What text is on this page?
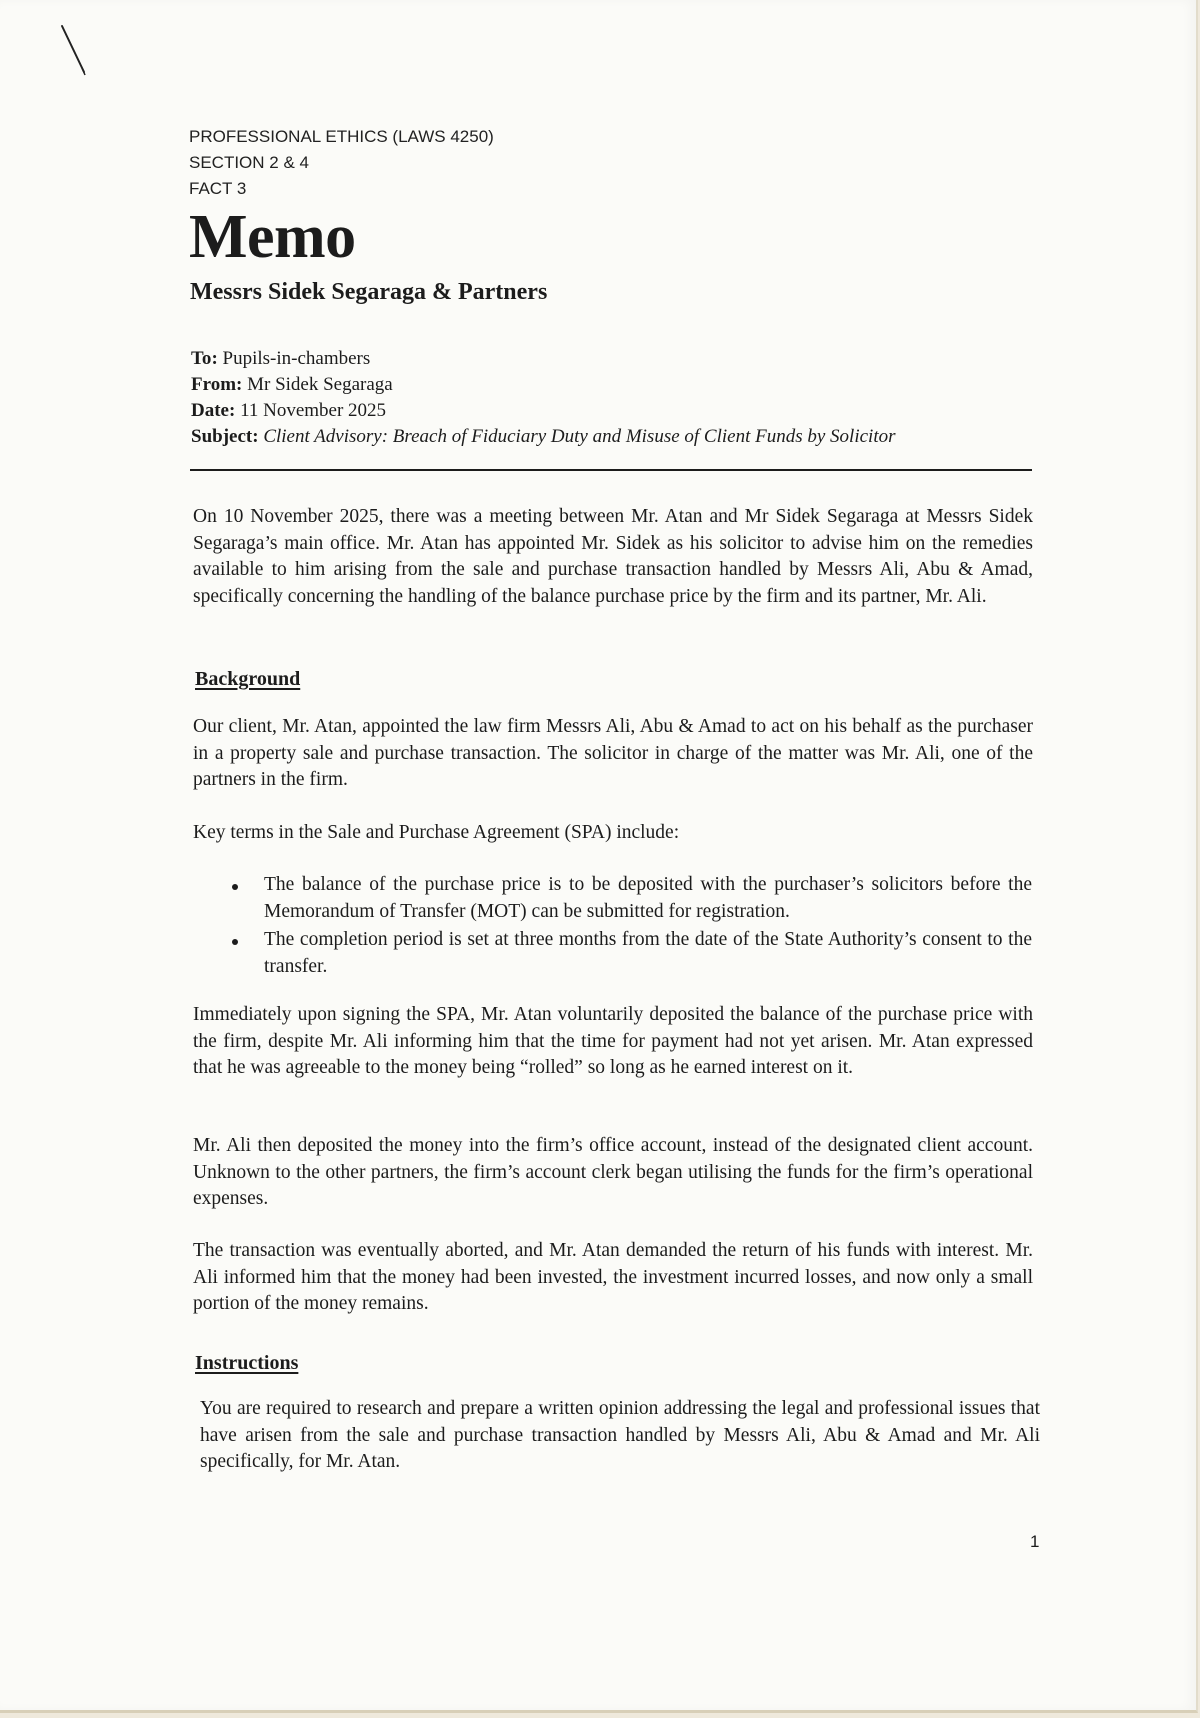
PROFESSIONAL ETHICS (LAWS 4250)
SECTION 2 & 4
FACT 3
Memo
Messrs Sidek Segaraga & Partners
To: Pupils-in-chambers
From: Mr Sidek Segaraga
Date: 11 November 2025
Subject: Client Advisory: Breach of Fiduciary Duty and Misuse of Client Funds by Solicitor

On 10 November 2025, there was a meeting between Mr. Atan and Mr Sidek Segaraga at Messrs Sidek Segaraga’s main office. Mr. Atan has appointed Mr. Sidek as his solicitor to advise him on the remedies available to him arising from the sale and purchase transaction handled by Messrs Ali, Abu & Amad, specifically concerning the handling of the balance purchase price by the firm and its partner, Mr. Ali.

Background

Our client, Mr. Atan, appointed the law firm Messrs Ali, Abu & Amad to act on his behalf as the purchaser in a property sale and purchase transaction. The solicitor in charge of the matter was Mr. Ali, one of the partners in the firm.

Key terms in the Sale and Purchase Agreement (SPA) include:

The balance of the purchase price is to be deposited with the purchaser’s solicitors before the Memorandum of Transfer (MOT) can be submitted for registration.
The completion period is set at three months from the date of the State Authority’s consent to the transfer.

Immediately upon signing the SPA, Mr. Atan voluntarily deposited the balance of the purchase price with the firm, despite Mr. Ali informing him that the time for payment had not yet arisen. Mr. Atan expressed that he was agreeable to the money being “rolled” so long as he earned interest on it.

Mr. Ali then deposited the money into the firm’s office account, instead of the designated client account. Unknown to the other partners, the firm’s account clerk began utilising the funds for the firm’s operational expenses.

The transaction was eventually aborted, and Mr. Atan demanded the return of his funds with interest. Mr. Ali informed him that the money had been invested, the investment incurred losses, and now only a small portion of the money remains.

Instructions

You are required to research and prepare a written opinion addressing the legal and professional issues that have arisen from the sale and purchase transaction handled by Messrs Ali, Abu & Amad and Mr. Ali specifically, for Mr. Atan.

1
